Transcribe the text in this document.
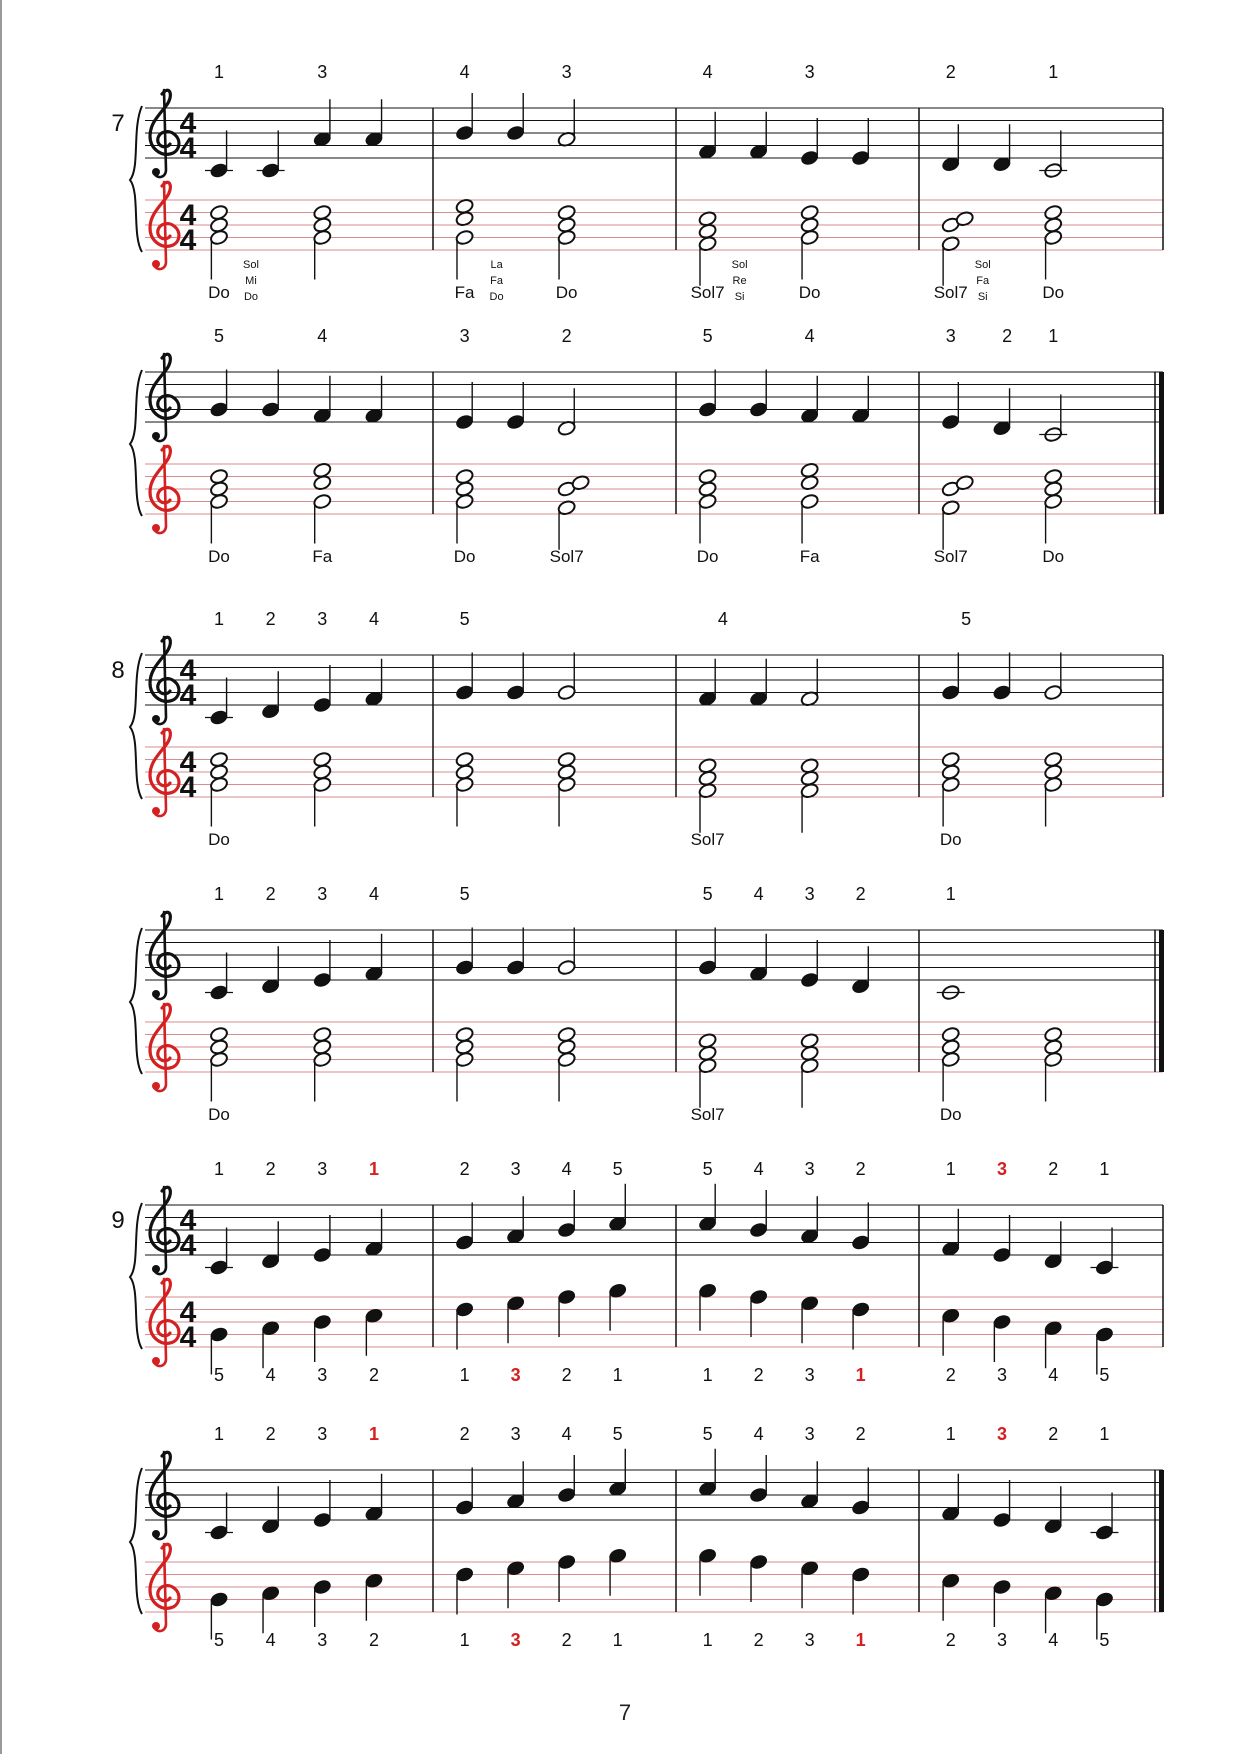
7 4
4
4
4
1	3
Do
Sol
Mi
Do
4	3
Fa
La
Fa
Do	Do
4	3
Sol7
Sol
Re
Si	Do
2	1
Sol7
Sol
Fa
Si	Do
5	4
Do	Fa
3	2
Do	Sol7
5	4
Do	Fa
3	2 1
Sol7	Do
8 4
4
4
4
1 2 3 4
Do
5	4
Sol7
5
Do
1 2 3 4
Do
5	5 4 3 2
Sol7
1
Do
9 4
4
4
4
1 2 3 1
5 4 3 2
2 3 4 5
1 3 2 1
5 4 3 2
1 2 3 1
1 3 2 1
2 3 4 5
1 2 3 1
5 4 3 2
2 3 4 5
1 3 2 1
5 4 3 2
1 2 3 1
1 3 2 1
2 3 4 5
7
